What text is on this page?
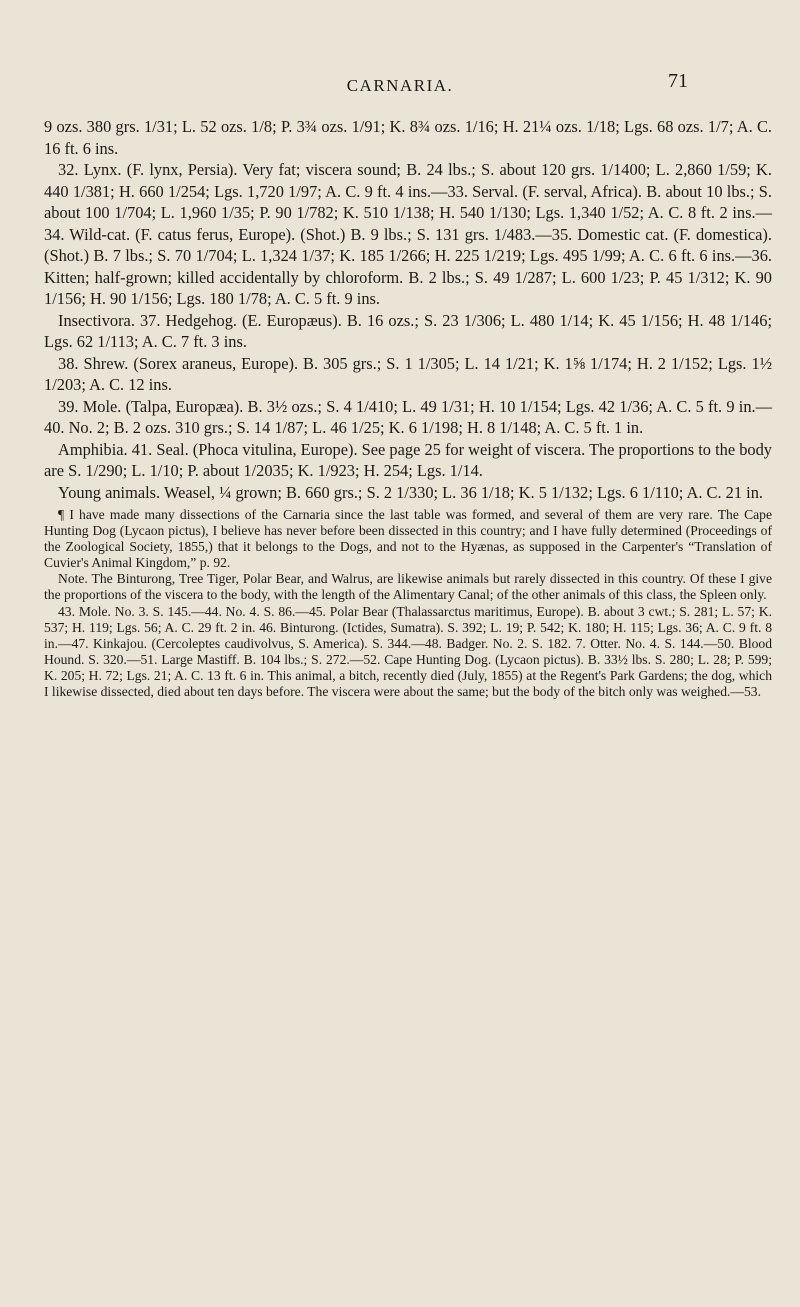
CARNARIA.	71

9 ozs. 380 grs. 1/31; L. 52 ozs. 1/8; P. 3¾ ozs. 1/91; K. 8¾ ozs. 1/16; H. 21¼ ozs. 1/18; Lgs. 68 ozs. 1/7; A. C. 16 ft. 6 ins.

32. Lynx. (F. lynx, Persia). Very fat; viscera sound; B. 24 lbs.; S. about 120 grs. 1/1400; L. 2,860 1/59; K. 440 1/381; H. 660 1/254; Lgs. 1,720 1/97; A. C. 9 ft. 4 ins.—33. Serval. (F. serval, Africa). B. about 10 lbs.; S. about 100 1/704; L. 1,960 1/35; P. 90 1/782; K. 510 1/138; H. 540 1/130; Lgs. 1,340 1/52; A. C. 8 ft. 2 ins.—34. Wild-cat. (F. catus ferus, Europe). (Shot.) B. 9 lbs.; S. 131 grs. 1/483.—35. Domestic cat. (F. domestica). (Shot.) B. 7 lbs.; S. 70 1/704; L. 1,324 1/37; K. 185 1/266; H. 225 1/219; Lgs. 495 1/99; A. C. 6 ft. 6 ins.—36. Kitten; half-grown; killed accidentally by chloroform. B. 2 lbs.; S. 49 1/287; L. 600 1/23; P. 45 1/312; K. 90 1/156; H. 90 1/156; Lgs. 180 1/78; A. C. 5 ft. 9 ins.

Insectivora. 37. Hedgehog. (E. Europæus). B. 16 ozs.; S. 23 1/306; L. 480 1/14; K. 45 1/156; H. 48 1/146; Lgs. 62 1/113; A. C. 7 ft. 3 ins.

38. Shrew. (Sorex araneus, Europe). B. 305 grs.; S. 1 1/305; L. 14 1/21; K. 1⅝ 1/174; H. 2 1/152; Lgs. 1½ 1/203; A. C. 12 ins.

39. Mole. (Talpa, Europæa). B. 3½ ozs.; S. 4 1/410; L. 49 1/31; H. 10 1/154; Lgs. 42 1/36; A. C. 5 ft. 9 in.—40. No. 2; B. 2 ozs. 310 grs.; S. 14 1/87; L. 46 1/25; K. 6 1/198; H. 8 1/148; A. C. 5 ft. 1 in.

Amphibia. 41. Seal. (Phoca vitulina, Europe). See page 25 for weight of viscera. The proportions to the body are S. 1/290; L. 1/10; P. about 1/2035; K. 1/923; H. 254; Lgs. 1/14.

Young animals. Weasel, ¼ grown; B. 660 grs.; S. 2 1/330; L. 36 1/18; K. 5 1/132; Lgs. 6 1/110; A. C. 21 in.

¶ I have made many dissections of the Carnaria since the last table was formed, and several of them are very rare. The Cape Hunting Dog (Lycaon pictus), I believe has never before been dissected in this country; and I have fully determined (Proceedings of the Zoological Society, 1855,) that it belongs to the Dogs, and not to the Hyænas, as supposed in the Carpenter's “Translation of Cuvier's Animal Kingdom,” p. 92.

Note. The Binturong, Tree Tiger, Polar Bear, and Walrus, are likewise animals but rarely dissected in this country. Of these I give the proportions of the viscera to the body, with the length of the Alimentary Canal; of the other animals of this class, the Spleen only.

43. Mole. No. 3. S. 145.—44. No. 4. S. 86.—45. Polar Bear (Thalassarctus maritimus, Europe). B. about 3 cwt.; S. 281; L. 57; K. 537; H. 119; Lgs. 56; A. C. 29 ft. 2 in. 46. Binturong. (Ictides, Sumatra). S. 392; L. 19; P. 542; K. 180; H. 115; Lgs. 36; A. C. 9 ft. 8 in.—47. Kinkajou. (Cercoleptes caudivolvus, S. America). S. 344.—48. Badger. No. 2. S. 182. 7. Otter. No. 4. S. 144.—50. Blood Hound. S. 320.—51. Large Mastiff. B. 104 lbs.; S. 272.—52. Cape Hunting Dog. (Lycaon pictus). B. 33½ lbs. S. 280; L. 28; P. 599; K. 205; H. 72; Lgs. 21; A. C. 13 ft. 6 in. This animal, a bitch, recently died (July, 1855) at the Regent's Park Gardens; the dog, which I likewise dissected, died about ten days before. The viscera were about the same; but the body of the bitch only was weighed.—53.
